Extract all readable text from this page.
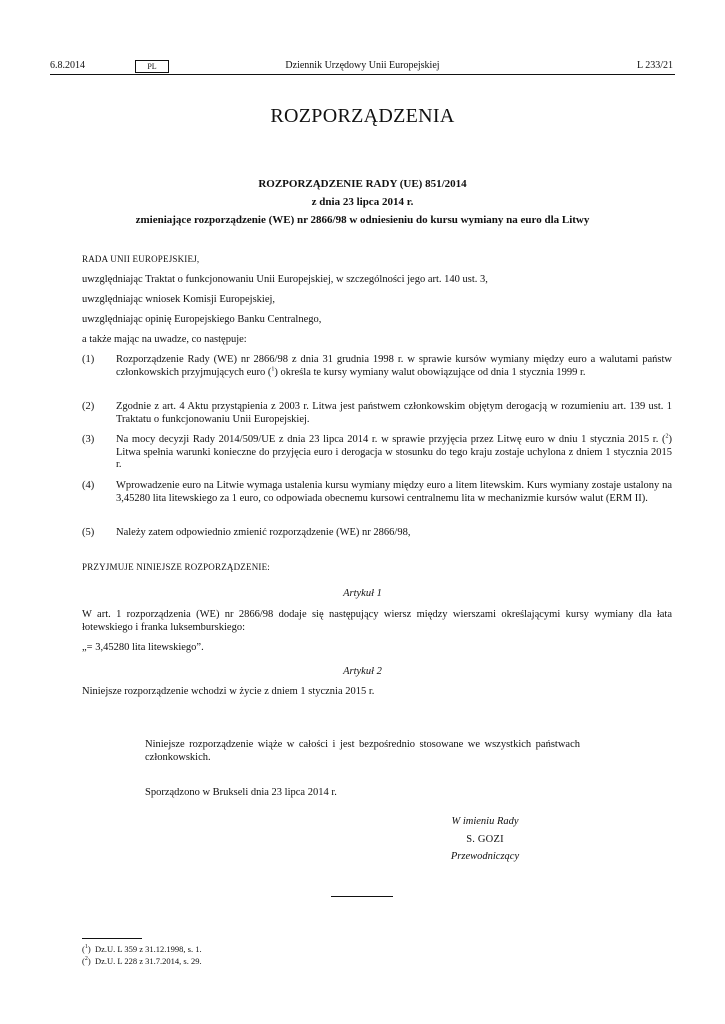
6.8.2014	PL	Dziennik Urzędowy Unii Europejskiej	L 233/21
ROZPORZĄDZENIA
ROZPORZĄDZENIE RADY (UE) 851/2014
z dnia 23 lipca 2014 r.
zmieniające rozporządzenie (WE) nr 2866/98 w odniesieniu do kursu wymiany na euro dla Litwy
RADA UNII EUROPEJSKIEJ,
uwzględniając Traktat o funkcjonowaniu Unii Europejskiej, w szczególności jego art. 140 ust. 3,
uwzględniając wniosek Komisji Europejskiej,
uwzględniając opinię Europejskiego Banku Centralnego,
a także mając na uwadze, co następuje:
(1) Rozporządzenie Rady (WE) nr 2866/98 z dnia 31 grudnia 1998 r. w sprawie kursów wymiany między euro a walutami państw członkowskich przyjmujących euro ($^1$) określa te kursy wymiany walut obowiązujące od dnia 1 stycznia 1999 r.
(2) Zgodnie z art. 4 Aktu przystąpienia z 2003 r. Litwa jest państwem członkowskim objętym derogacją w rozumieniu art. 139 ust. 1 Traktatu o funkcjonowaniu Unii Europejskiej.
(3) Na mocy decyzji Rady 2014/509/UE z dnia 23 lipca 2014 r. w sprawie przyjęcia przez Litwę euro w dniu 1 stycznia 2015 r. ($^2$) Litwa spełnia warunki konieczne do przyjęcia euro i derogacja w stosunku do tego kraju zostaje uchylona z dniem 1 stycznia 2015 r.
(4) Wprowadzenie euro na Litwie wymaga ustalenia kursu wymiany między euro a litem litewskim. Kurs wymiany zostaje ustalony na 3,45280 lita litewskiego za 1 euro, co odpowiada obecnemu kursowi centralnemu lita w mechanizmie kursów walut (ERM II).
(5) Należy zatem odpowiednio zmienić rozporządzenie (WE) nr 2866/98,
PRZYJMUJE NINIEJSZE ROZPORZĄDZENIE:
Artykuł 1
W art. 1 rozporządzenia (WE) nr 2866/98 dodaje się następujący wiersz między wierszami określającymi kursy wymiany dla łata łotewskiego i franka luksemburskiego:
„= 3,45280 lita litewskiego”.
Artykuł 2
Niniejsze rozporządzenie wchodzi w życie z dniem 1 stycznia 2015 r.
Niniejsze rozporządzenie wiąże w całości i jest bezpośrednio stosowane we wszystkich państwach członkowskich.
Sporządzono w Brukseli dnia 23 lipca 2014 r.
W imieniu Rady
S. GOZI
Przewodniczący
($^1$)  Dz.U. L 359 z 31.12.1998, s. 1.
($^2$)  Dz.U. L 228 z 31.7.2014, s. 29.
